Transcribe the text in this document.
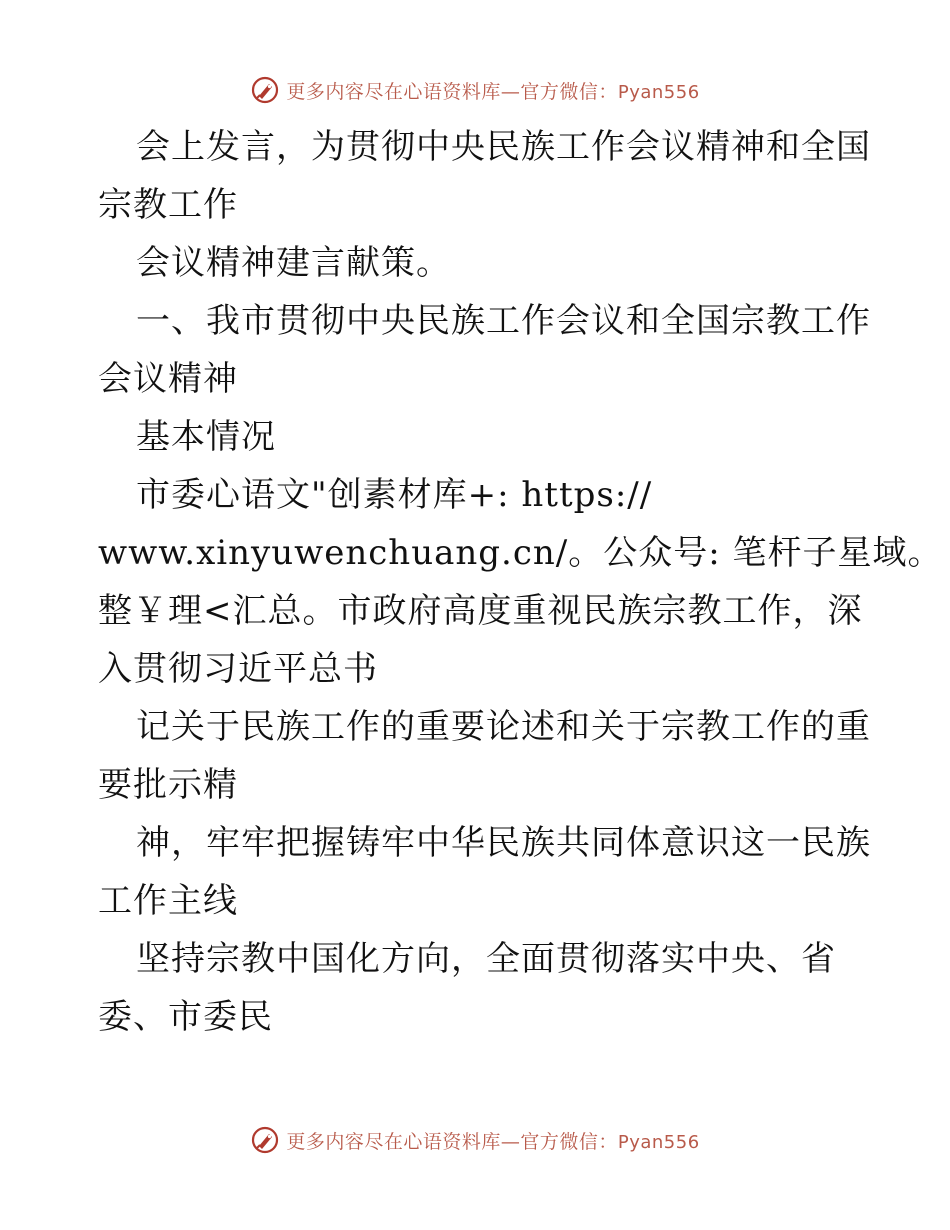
更多内容尽在心语资料库—官方微信：Pyan556
会上发言，为贯彻中央民族工作会议精神和全国
宗教工作
会议精神建言献策。
一、我市贯彻中央民族工作会议和全国宗教工作
会议精神
基本情况
市委心语文"创素材库+: https://
www.xinyuwenchuang.cn/。公众号: 笔杆子星域。
整￥理<汇总。市政府高度重视民族宗教工作，深
入贯彻习近平总书
记关于民族工作的重要论述和关于宗教工作的重
要批示精
神，牢牢把握铸牢中华民族共同体意识这一民族
工作主线
坚持宗教中国化方向，全面贯彻落实中央、省
委、市委民
更多内容尽在心语资料库—官方微信：Pyan556
